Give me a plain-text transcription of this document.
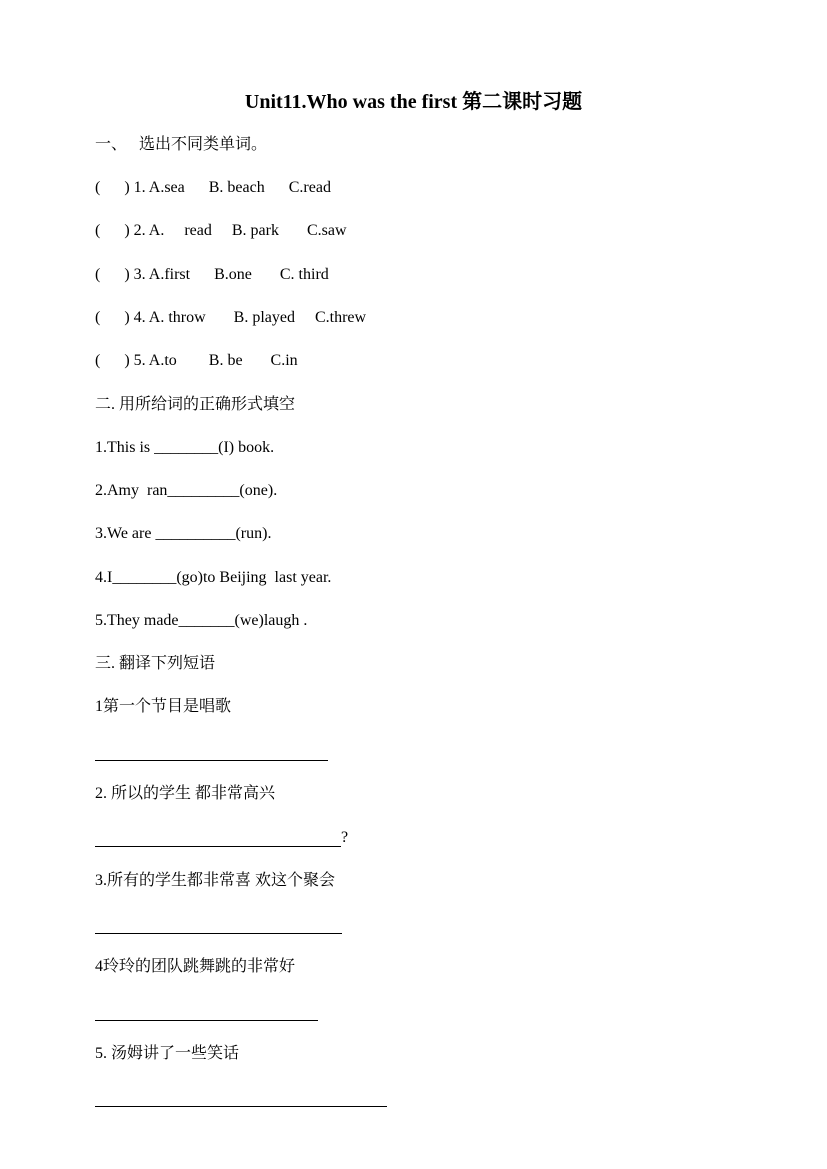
Unit11.Who was the first 第二课时习题
一、   选出不同类单词。
(      ) 1. A.sea      B. beach      C.read
(      ) 2. A.     read     B. park       C.saw
(      ) 3. A.first      B.one       C. third
(      ) 4. A. throw       B. played     C.threw
(      ) 5. A.to        B. be       C.in
二. 用所给词的正确形式填空
1.This is ________(I) book.
2.Amy  ran_________(one).
3.We are __________(run).
4.I________(go)to Beijing  last year.
5.They made_______(we)laugh .
三. 翻译下列短语
1第一个节目是唱歌
2. 所以的学生 都非常高兴
?
3.所有的学生都非常喜 欢这个聚会
4玲玲的团队跳舞跳的非常好
5. 汤姆讲了一些笑话
